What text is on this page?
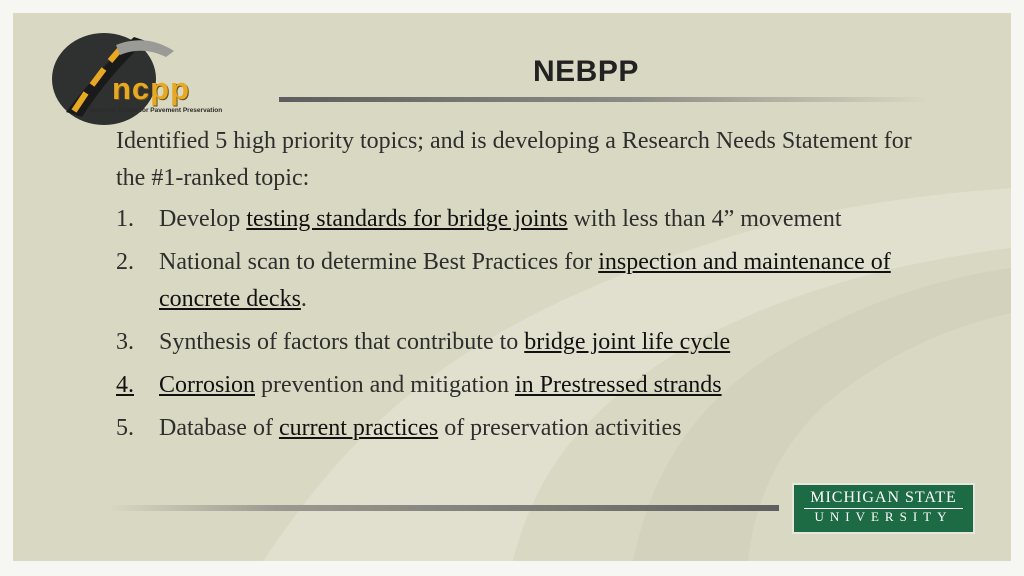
ncpp
National Center for Pavement Preservation
NEBPP

Identified 5 high priority topics; and is developing a Research Needs Statement for the #1-ranked topic:

1. Develop testing standards for bridge joints with less than 4” movement
2. National scan to determine Best Practices for inspection and maintenance of concrete decks.
3. Synthesis of factors that contribute to bridge joint life cycle
4. Corrosion prevention and mitigation in Prestressed strands
5. Database of current practices of preservation activities
MICHIGAN STATE
UNIVERSITY
